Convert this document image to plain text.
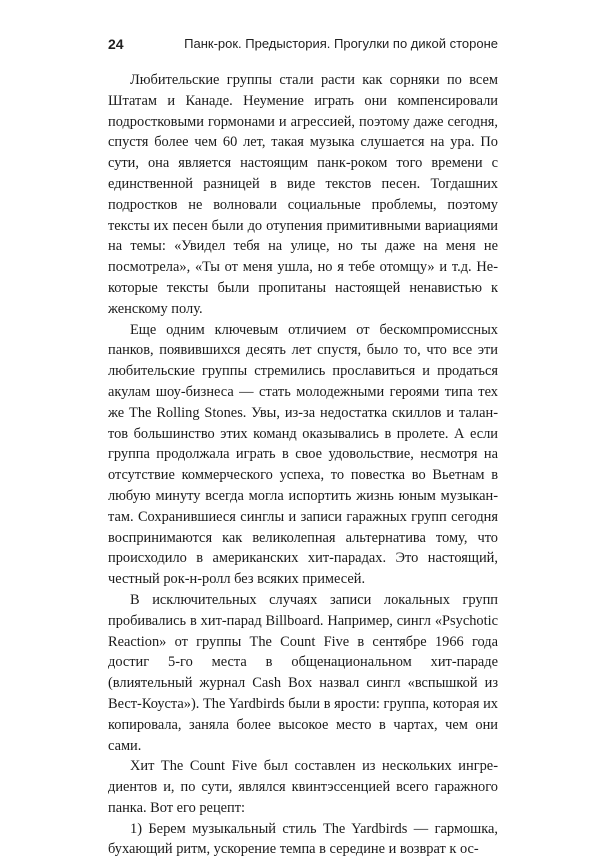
24	Панк-рок. Предыстория. Прогулки по дикой стороне

Любительские группы стали расти как сорняки по всем Штатам и Канаде. Неумение играть они компенсировали подростковыми гормонами и агрессией, поэтому даже сегодня, спустя более чем 60 лет, такая музыка слушается на ура. По сути, она является настоящим панк-роком того времени с единственной разницей в виде текстов песен. Тогдашних подростков не волновали социальные проблемы, поэтому тексты их песен были до отупения примитивными вариациями на темы: «Увидел тебя на улице, но ты даже на меня не посмотрела», «Ты от меня ушла, но я тебе отомщу» и т.д. Некоторые тексты были пропитаны настоящей ненавистью к женскому полу.

Еще одним ключевым отличием от бескомпромиссных панков, появившихся десять лет спустя, было то, что все эти любительские группы стремились прославиться и продаться акулам шоу-бизнеса — стать молодежными героями типа тех же The Rolling Stones. Увы, из-за недостатка скиллов и талантов большинство этих команд оказывались в пролете. А если группа продолжала играть в свое удовольствие, несмотря на отсутствие коммерческого успеха, то повестка во Вьетнам в любую минуту всегда могла испортить жизнь юным музыкантам. Сохранившиеся синглы и записи гаражных групп сегодня воспринимаются как великолепная альтернатива тому, что происходило в американских хит-парадах. Это настоящий, честный рок-н-ролл без всяких примесей.

В исключительных случаях записи локальных групп пробивались в хит-парад Billboard. Например, сингл «Psychotic Reaction» от группы The Count Five в сентябре 1966 года достиг 5-го места в общенациональном хит-параде (влиятельный журнал Cash Box назвал сингл «вспышкой из Вест-Коуста»). The Yardbirds были в ярости: группа, которая их копировала, заняла более высокое место в чартах, чем они сами.

Хит The Count Five был составлен из нескольких ингредиентов и, по сути, являлся квинтэссенцией всего гаражного панка. Вот его рецепт:

1) Берем музыкальный стиль The Yardbirds — гармошка, бухающий ритм, ускорение темпа в середине и возврат к ос-
